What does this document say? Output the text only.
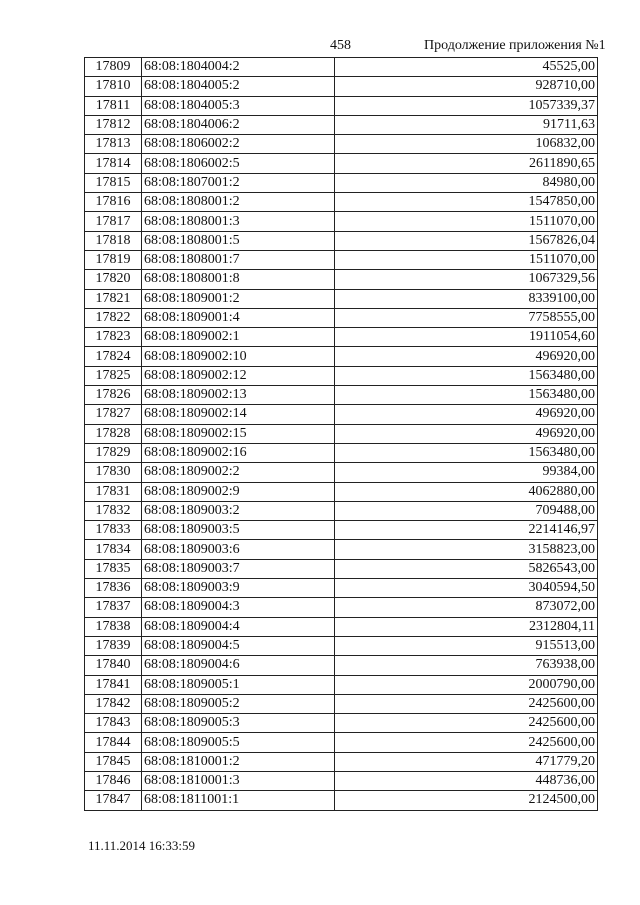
458	Продолжение приложения №1
17809	68:08:1804004:2	45525,00
17810	68:08:1804005:2	928710,00
17811	68:08:1804005:3	1057339,37
17812	68:08:1804006:2	91711,63
17813	68:08:1806002:2	106832,00
17814	68:08:1806002:5	2611890,65
17815	68:08:1807001:2	84980,00
17816	68:08:1808001:2	1547850,00
17817	68:08:1808001:3	1511070,00
17818	68:08:1808001:5	1567826,04
17819	68:08:1808001:7	1511070,00
17820	68:08:1808001:8	1067329,56
17821	68:08:1809001:2	8339100,00
17822	68:08:1809001:4	7758555,00
17823	68:08:1809002:1	1911054,60
17824	68:08:1809002:10	496920,00
17825	68:08:1809002:12	1563480,00
17826	68:08:1809002:13	1563480,00
17827	68:08:1809002:14	496920,00
17828	68:08:1809002:15	496920,00
17829	68:08:1809002:16	1563480,00
17830	68:08:1809002:2	99384,00
17831	68:08:1809002:9	4062880,00
17832	68:08:1809003:2	709488,00
17833	68:08:1809003:5	2214146,97
17834	68:08:1809003:6	3158823,00
17835	68:08:1809003:7	5826543,00
17836	68:08:1809003:9	3040594,50
17837	68:08:1809004:3	873072,00
17838	68:08:1809004:4	2312804,11
17839	68:08:1809004:5	915513,00
17840	68:08:1809004:6	763938,00
17841	68:08:1809005:1	2000790,00
17842	68:08:1809005:2	2425600,00
17843	68:08:1809005:3	2425600,00
17844	68:08:1809005:5	2425600,00
17845	68:08:1810001:2	471779,20
17846	68:08:1810001:3	448736,00
17847	68:08:1811001:1	2124500,00
11.11.2014 16:33:59
